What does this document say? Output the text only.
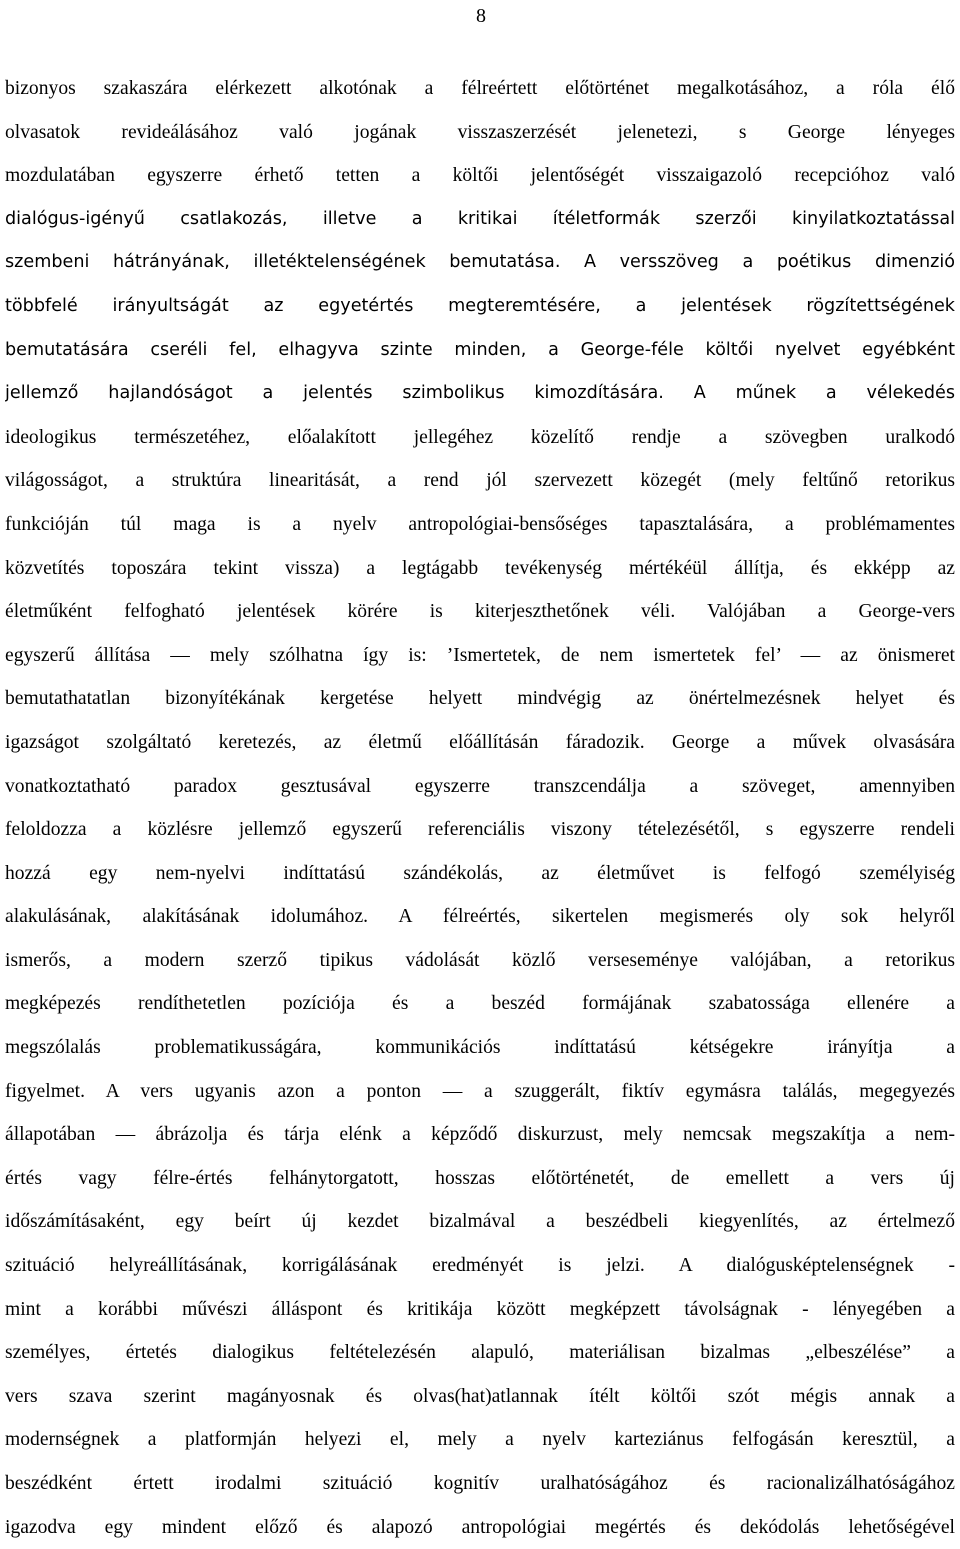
8
bizonyos szakaszára elérkezett alkotónak a félreértett előtörténet megalkotásához, a róla élő
olvasatok revideálásához való jogának visszaszerzését jelenetezi, s George lényeges
mozdulatában egyszerre érhető tetten a költői jelentőségét visszaigazoló recepcióhoz való
dialógus-igényű csatlakozás, illetve a kritikai ítéletformák szerzői kinyilatkoztatással
szembeni hátrányának, illetéktelenségének bemutatása. A versszöveg a poétikus dimenzió
többfelé irányultságát az egyetértés megteremtésére, a jelentések rögzítettségének
bemutatására cseréli fel, elhagyva szinte minden, a George-féle költői nyelvet egyébként
jellemző hajlandóságot a jelentés szimbolikus kimozdítására. A műnek a vélekedés
ideologikus természetéhez, előalakított jellegéhez közelítő rendje a szövegben uralkodó
világosságot, a struktúra linearitását, a rend jól szervezett közegét (mely feltűnő retorikus
funkcióján túl maga is a nyelv antropológiai-bensőséges tapasztalására, a problémamentes
közvetítés toposzára tekint vissza) a legtágabb tevékenység mértékéül állítja, és ekképp az
életműként felfogható jelentések körére is kiterjeszthetőnek véli. Valójában a George-vers
egyszerű állítása ― mely szólhatna így is: ’Ismertetek, de nem ismertetek fel’ ― az önismeret
bemutathatatlan bizonyítékának kergetése helyett mindvégig az önértelmezésnek helyet és
igazságot szolgáltató keretezés, az életmű előállításán fáradozik. George a művek olvasására
vonatkoztatható paradox gesztusával egyszerre transzcendálja a szöveget, amennyiben
feloldozza a közlésre jellemző egyszerű referenciális viszony tételezésétől, s egyszerre rendeli
hozzá egy nem-nyelvi indíttatású szándékolás, az életművet is felfogó személyiség
alakulásának, alakításának idolumához. A félreértés, sikertelen megismerés oly sok helyről
ismerős, a modern szerző tipikus vádolását közlő verseseménye valójában, a retorikus
megképezés rendíthetetlen pozíciója és a beszéd formájának szabatossága ellenére a
megszólalás problematikusságára, kommunikációs indíttatású kétségekre irányítja a
figyelmet. A vers ugyanis azon a ponton ― a szuggerált, fiktív egymásra találás, megegyezés
állapotában ― ábrázolja és tárja elénk a képződő diskurzust, mely nemcsak megszakítja a nem-
értés vagy félre-értés felhánytorgatott, hosszas előtörténetét, de emellett a vers új
időszámításaként, egy beírt új kezdet bizalmával a beszédbeli kiegyenlítés, az értelmező
szituáció helyreállításának, korrigálásának eredményét is jelzi. A dialógusképtelenségnek -
mint a korábbi művészi álláspont és kritikája között megképzett távolságnak - lényegében a
személyes, értetés dialogikus feltételezésén alapuló, materiálisan bizalmas „elbeszélése” a
vers szava szerint magányosnak és olvas(hat)atlannak ítélt költői szót mégis annak a
modernségnek a platformján helyezi el, mely a nyelv karteziánus felfogásán keresztül, a
beszédként értett irodalmi szituáció kognitív uralhatóságához és racionalizálhatóságához
igazodva egy mindent előző és alapozó antropológiai megértés és dekódolás lehetőségével
